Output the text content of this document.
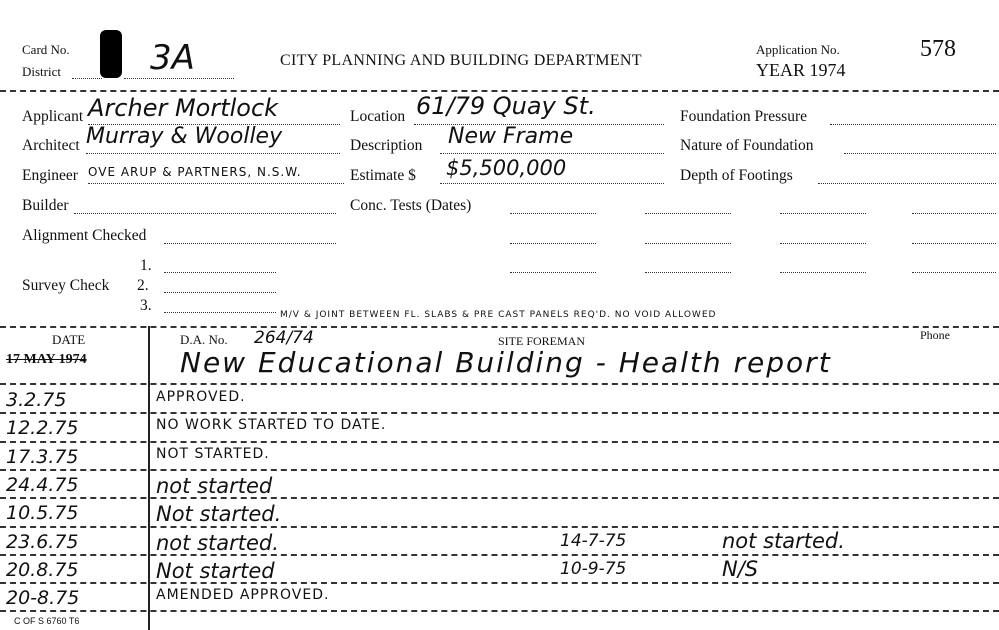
Card No.
District	3A	CITY PLANNING AND BUILDING DEPARTMENT
Application No.
YEAR 1974
578
Applicant Archer Mortlock
Architect Murray & Woolley
Engineer OVE ARUP & PARTNERS, N.S.W.
Builder
Alignment Checked
1.
Survey Check 2.
3.
Location 61/79 Quay St.
Description New Frame
Estimate $ $5,500,000
Conc. Tests (Dates)
Foundation Pressure
Nature of Foundation
Depth of Footings
M/V & JOINT BETWEEN FL. SLABS & PRE CAST PANELS REQ'D. NO VOID ALLOWED
DATE	D.A. No. 264/74	SITE FOREMAN	Phone
17 MAY 1974	New Educational Building - Health report
3.2.75	APPROVED.
12.2.75	NO WORK STARTED TO DATE.
17.3.75	NOT STARTED.
24.4.75	not started
10.5.75	Not started.
23.6.75	not started.	14-7-75	not started.
20.8.75	Not started	10-9-75	N/S
20-8.75	AMENDED APPROVED.
C OF S 6760 T6
